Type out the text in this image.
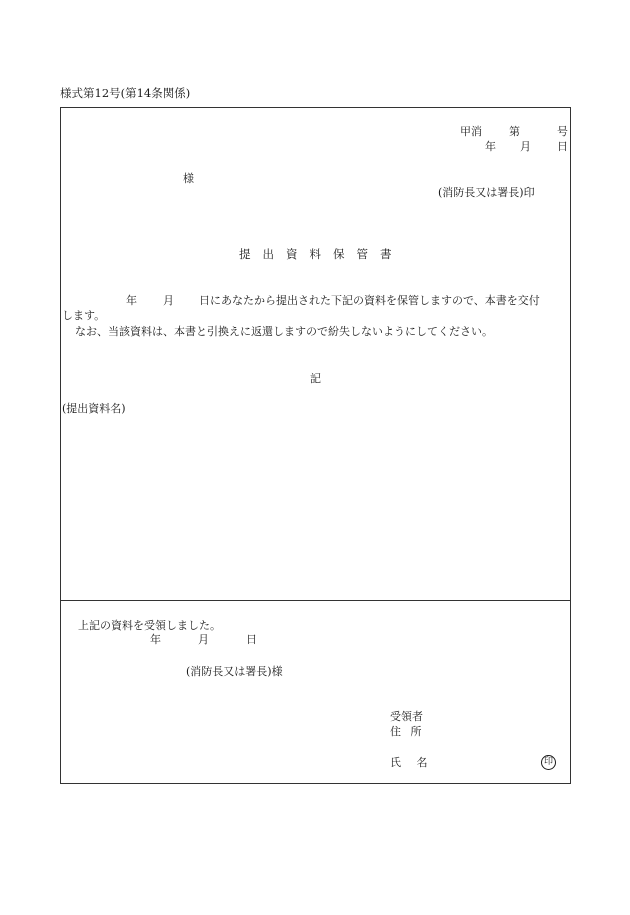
様式第12号(第14条関係)
甲消 第	号
年 月 日
様
(消防長又は署長)印
提出資料保管書
年 月 日にあなたから提出された下記の資料を保管しますので、本書を交付
します。
なお、当該資料は、本書と引換えに返還しますので紛失しないようにしてください。
記
(提出資料名)
上記の資料を受領しました。
年	月	日
(消防長又は署長)様
受領者
住 所
氏 名	印
